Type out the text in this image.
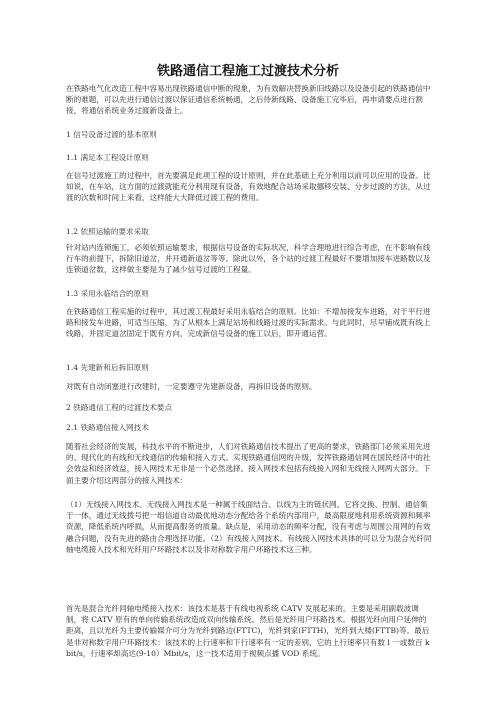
铁路通信工程施工过渡技术分析
在铁路电气化改造工程中容易出现铁路通信中断的现象，为有效解决替换新旧线路以及设备引起的铁路通信中断的难题，可以先进行通信过渡以保证通信系统畅通，之后待新线路、设备施工完毕后，再申请要点进行割接，将通信系统业务过渡新设备上。
1 信号设备过渡的基本原则
1.1 满足本工程设计原则
在信号过渡施工的过程中，首先要满足此项工程的设计原则，并在此基础上充分利用以前可以应用的设备。比如说，在车站，这方面的过渡就能充分利用现有设备，有效地配合站场采取挪移安装、分步过渡的方法，从过渡的次数和时间上来看，这样能大大降低过渡工程的费用。
1.2 依照运输的要求采取
针对站内连锁施工，必须依照运输要求，根据信号设备的实际状况，科学合理地进行综合考虑，在不影响有线行车的前提下，拆除旧道岔，并开通新道岔等等。除此以外，各个站的过渡工程最好不要增加接车进路数以及连锁道岔数，这样做主要是为了减少信号过渡的工程量。
1.3 采用永临结合的原则
在铁路通信工程实施的过程中，其过渡工程最好采用永临结合的原则。比如：不增加接发车进路，对于平行进路和接发车进路，可适当压缩，为了从根本上满足站场和线路过渡的实际需求。与此同时，尽早铺成既有线上线路，并固定道岔固定于既有方向，完成新信号设备的施工以后，即开通运营。
1.4 先建新和后拆旧原则
对既有自动闭塞进行改建时，一定要遵守先建新设备，再拆旧设备的原则。
2 铁路通信工程的过渡技术要点
2.1 铁路通信接入网技术
随着社会经济的发展，科技水平的不断进步，人们对铁路通信技术提出了更高的要求，铁路部门必须采用先进的、现代化的有线和无线通信的传输和接入方式。实现铁路通信网的升级，发挥铁路通信网在国民经济中的社会效益和经济效益，接入网技术无非是一个必然选择。接入网技术包括有线接入网和无线接入网两大部分。下面主要介绍这两部分的接入网技术：
（1）无线接入网技术。无线接入网技术是一种属于线面结合、以线为主的链状网。它将交换、控制、通信集于一体，通过无线拨号把一组信道自动最优地动态分配给各个系统内部用户，最高限度地利用系统资源和频率资源，降低系统内呼损，从而提高服务的质量。缺点是，采用动态的频率分配，没有考虑与周围公用网的有效融合问题，没有先进的路由合理选择功能。（2）有线接入网技术。有线接入网技术具体的可以分为混合光纤同轴电缆接入技术和光纤用户环路技术以及非对称数字用户环路技术这三种。
首先是混合光纤同轴电缆接入技术：该技术是基于有线电视系统 CATV 发展起来的。主要是采用副载波调制，将 CATV 原有的单向传输系统改造成双向传输系统。然后是光纤用户环路技术。根据光纤向用户延伸的距离，且以光纤为主要传输媒介可分为光纤到路边(FTTC)，光纤到家(FTTH)，光纤到大楼(FTTB)等。最后是非对称数字用户环路技术：该技术的上行速率和下行速率有一定的差别，它的上行速率只有数 l 一或数百 kbit/s，行速率却高达(9-10）Mbit/s，这一技术适用于视频点播 VOD 系统。
